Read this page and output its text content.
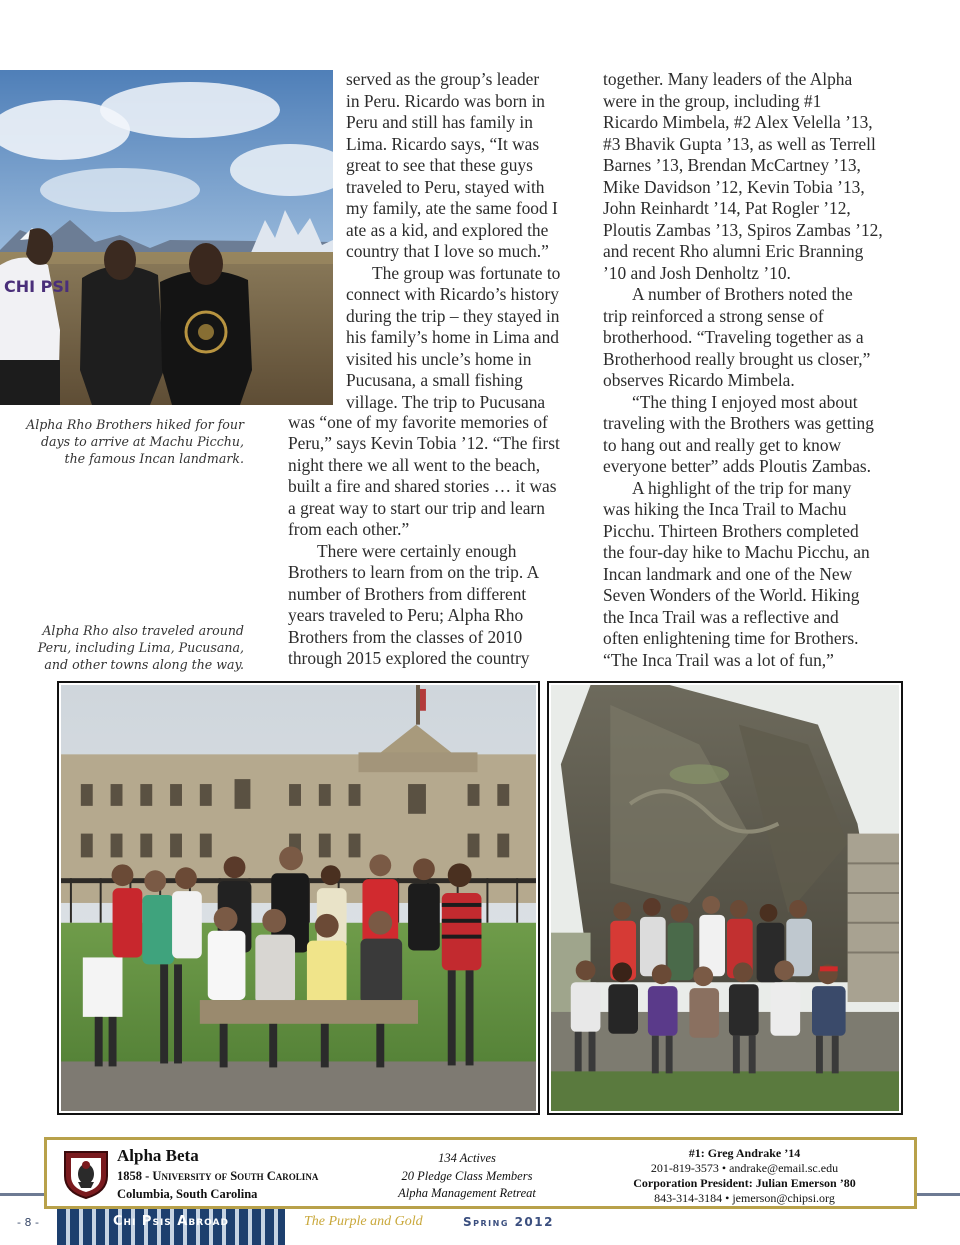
CHI PSI
Alpha Rho Brothers hiked for four
days to arrive at Machu Picchu,
the famous Incan landmark.
Alpha Rho also traveled around
Peru, including Lima, Pucusana,
and other towns along the way.
served as the group’s leader
in Peru. Ricardo was born in
Peru and still has family in
Lima. Ricardo says, “It was
great to see that these guys
traveled to Peru, stayed with
my family, ate the same food I
ate as a kid, and explored the
country that I love so much.”
The group was fortunate to
connect with Ricardo’s history
during the trip – they stayed in
his family’s home in Lima and
visited his uncle’s home in
Pucusana, a small fishing
village. The trip to Pucusana
was “one of my favorite memories of
Peru,” says Kevin Tobia ’12. “The first
night there we all went to the beach,
built a fire and shared stories … it was
a great way to start our trip and learn
from each other.”
There were certainly enough
Brothers to learn from on the trip. A
number of Brothers from different
years traveled to Peru; Alpha Rho
Brothers from the classes of 2010
through 2015 explored the country
together. Many leaders of the Alpha
were in the group, including #1
Ricardo Mimbela, #2 Alex Velella ’13,
#3 Bhavik Gupta ’13, as well as Terrell
Barnes ’13, Brendan McCartney ’13,
Mike Davidson ’12, Kevin Tobia ’13,
John Reinhardt ’14, Pat Rogler ’12,
Ploutis Zambas ’13, Spiros Zambas ’12,
and recent Rho alumni Eric Branning
’10 and Josh Denholtz ’10.
A number of Brothers noted the
trip reinforced a strong sense of
brotherhood. “Traveling together as a
Brotherhood really brought us closer,”
observes Ricardo Mimbela.
“The thing I enjoyed most about
traveling with the Brothers was getting
to hang out and really get to know
everyone better” adds Ploutis Zambas.
A highlight of the trip for many
was hiking the Inca Trail to Machu
Picchu. Thirteen Brothers completed
the four-day hike to Machu Picchu, an
Incan landmark and one of the New
Seven Wonders of the World. Hiking
the Inca Trail was a reflective and
often enlightening time for Brothers.
“The Inca Trail was a lot of fun,”
Alpha Beta
1858 - University of South Carolina
Columbia, South Carolina
134 Actives
20 Pledge Class Members
Alpha Management Retreat
#1: Greg Andrake ’14
201-819-3573 • andrake@email.sc.edu
Corporation President: Julian Emerson ’80
843-314-3184 • jemerson@chipsi.org
- 8 -	Chi Psis Abroad	The Purple and Gold	Spring 2012
